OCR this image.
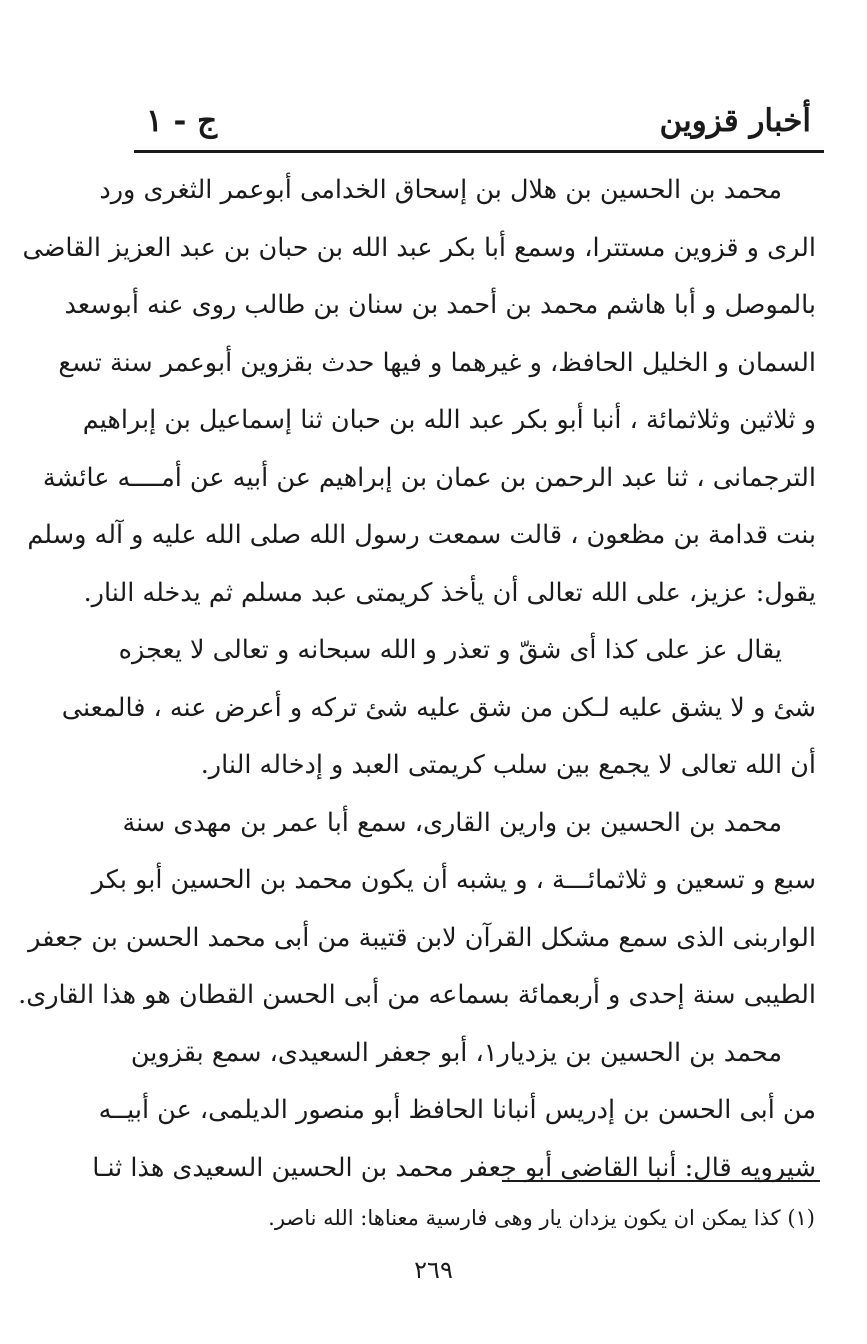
أخبار قزوين
ج - ١
محمد بن الحسين بن هلال بن إسحاق الخدامى أبوعمر الثغرى ورد
الرى و قزوين مستترا، وسمع أبا بكر عبد الله بن حبان بن عبد العزيز القاضى
بالموصل و أبا هاشم محمد بن أحمد بن سنان بن طالب روى عنه أبوسعد
السمان و الخليل الحافظ، و غيرهما و فيها حدث بقزوين أبوعمر سنة تسع
و ثلاثين وثلاثمائة ، أنبا أبو بكر عبد الله بن حبان ثنا إسماعيل بن إبراهيم
الترجمانى ، ثنا عبد الرحمن بن عمان بن إبراهيم عن أبيه عن أمــــه عائشة
بنت قدامة بن مظعون ، قالت سمعت رسول الله صلى الله عليه و آله وسلم
يقول: عزيز، على الله تعالى أن يأخذ كريمتى عبد مسلم ثم يدخله النار.
يقال عز على كذا أى شقّ و تعذر و الله سبحانه و تعالى لا يعجزه
شئ و لا يشق عليه لـكن من شق عليه شئ تركه و أعرض عنه ، فالمعنى
أن الله تعالى لا يجمع بين سلب كريمتى العبد و إدخاله النار.
محمد بن الحسين بن وارين القارى، سمع أبا عمر بن مهدى سنة
سبع و تسعين و ثلاثمائـــة ، و يشبه أن يكون محمد بن الحسين أبو بكر
الواربنى الذى سمع مشكل القرآن لابن قتيبة من أبى محمد الحسن بن جعفر
الطيبى سنة إحدى و أربعمائة بسماعه من أبى الحسن القطان هو هذا القارى.
محمد بن الحسين بن يزديار١، أبو جعفر السعيدى، سمع بقزوين
من أبى الحسن بن إدريس أنبانا الحافظ أبو منصور الديلمى، عن أبيــه
شيرويه قال: أنبا القاضى أبو جعفر محمد بن الحسين السعيدى هذا ثنـا
(١) كذا يمكن ان يكون يزدان يار وهى فارسية معناها: الله ناصر.
٢٦٩
